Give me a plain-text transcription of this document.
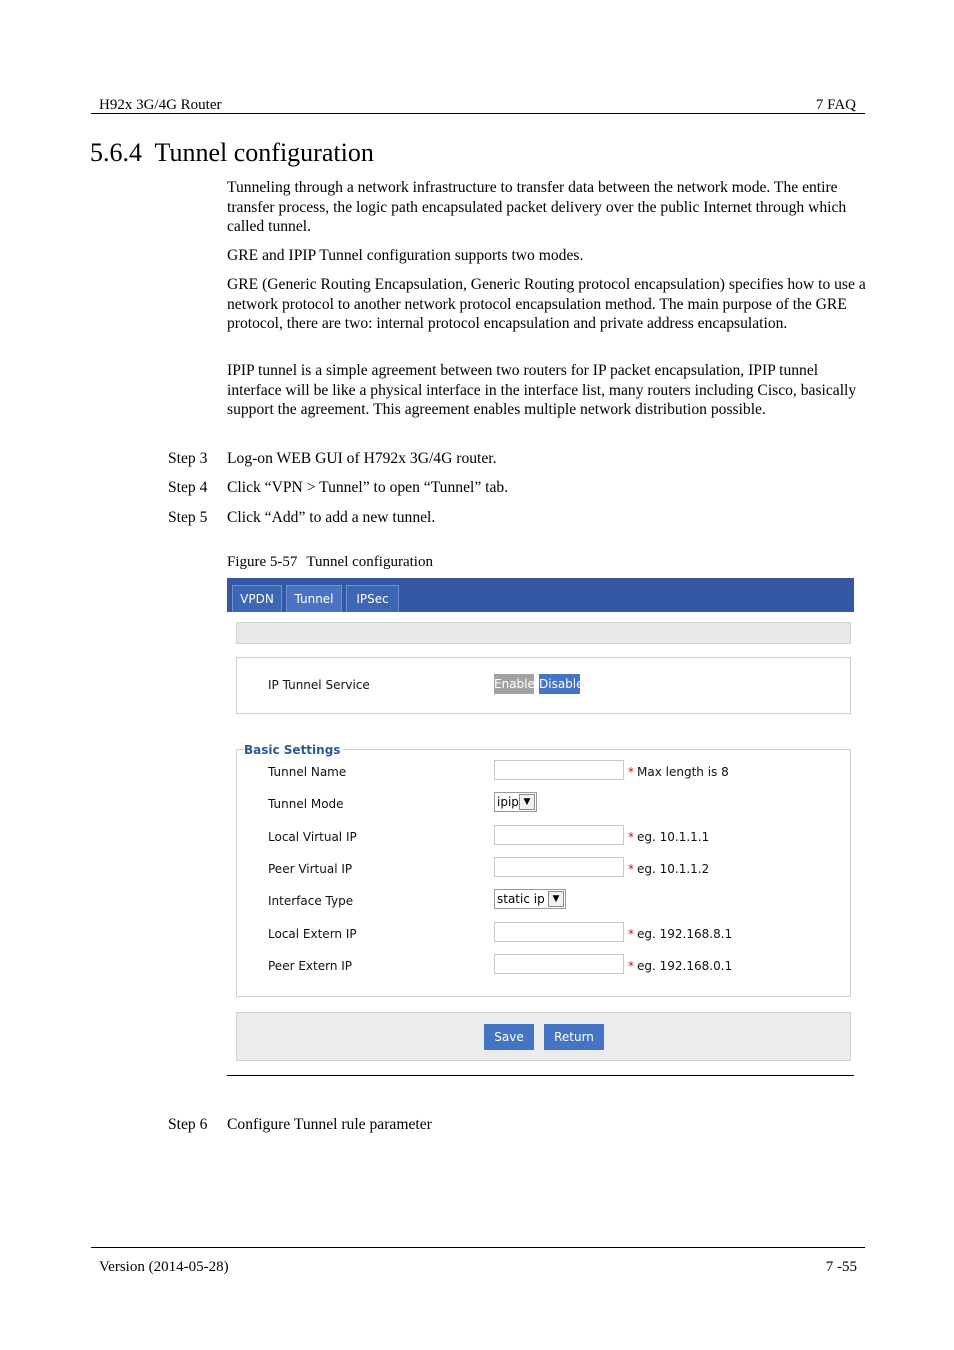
H92x 3G/4G Router	7 FAQ
5.6.4 Tunnel configuration

Tunneling through a network infrastructure to transfer data between the network mode. The entire transfer process, the logic path encapsulated packet delivery over the public Internet through which called tunnel.

GRE and IPIP Tunnel configuration supports two modes.

GRE (Generic Routing Encapsulation, Generic Routing protocol encapsulation) specifies how to use a network protocol to another network protocol encapsulation method. The main purpose of the GRE protocol, there are two: internal protocol encapsulation and private address encapsulation.

IPIP tunnel is a simple agreement between two routers for IP packet encapsulation, IPIP tunnel interface will be like a physical interface in the interface list, many routers including Cisco, basically support the agreement. This agreement enables multiple network distribution possible.

Step 3 Log-on WEB GUI of H792x 3G/4G router.
Step 4 Click “VPN > Tunnel” to open “Tunnel” tab.
Step 5 Click “Add” to add a new tunnel.
Figure 5-57 Tunnel configuration
VPDN	Tunnel	IPSec
IP Tunnel Service	Enable Disable
Basic Settings
Tunnel Name	* Max length is 8
Tunnel Mode	ipip ▼
Local Virtual IP	* eg. 10.1.1.1
Peer Virtual IP	* eg. 10.1.1.2
Interface Type	static ip ▼
Local Extern IP	* eg. 192.168.8.1
Peer Extern IP	* eg. 192.168.0.1
Save	Return
Step 6 Configure Tunnel rule parameter
Version (2014-05-28)	7 -55
